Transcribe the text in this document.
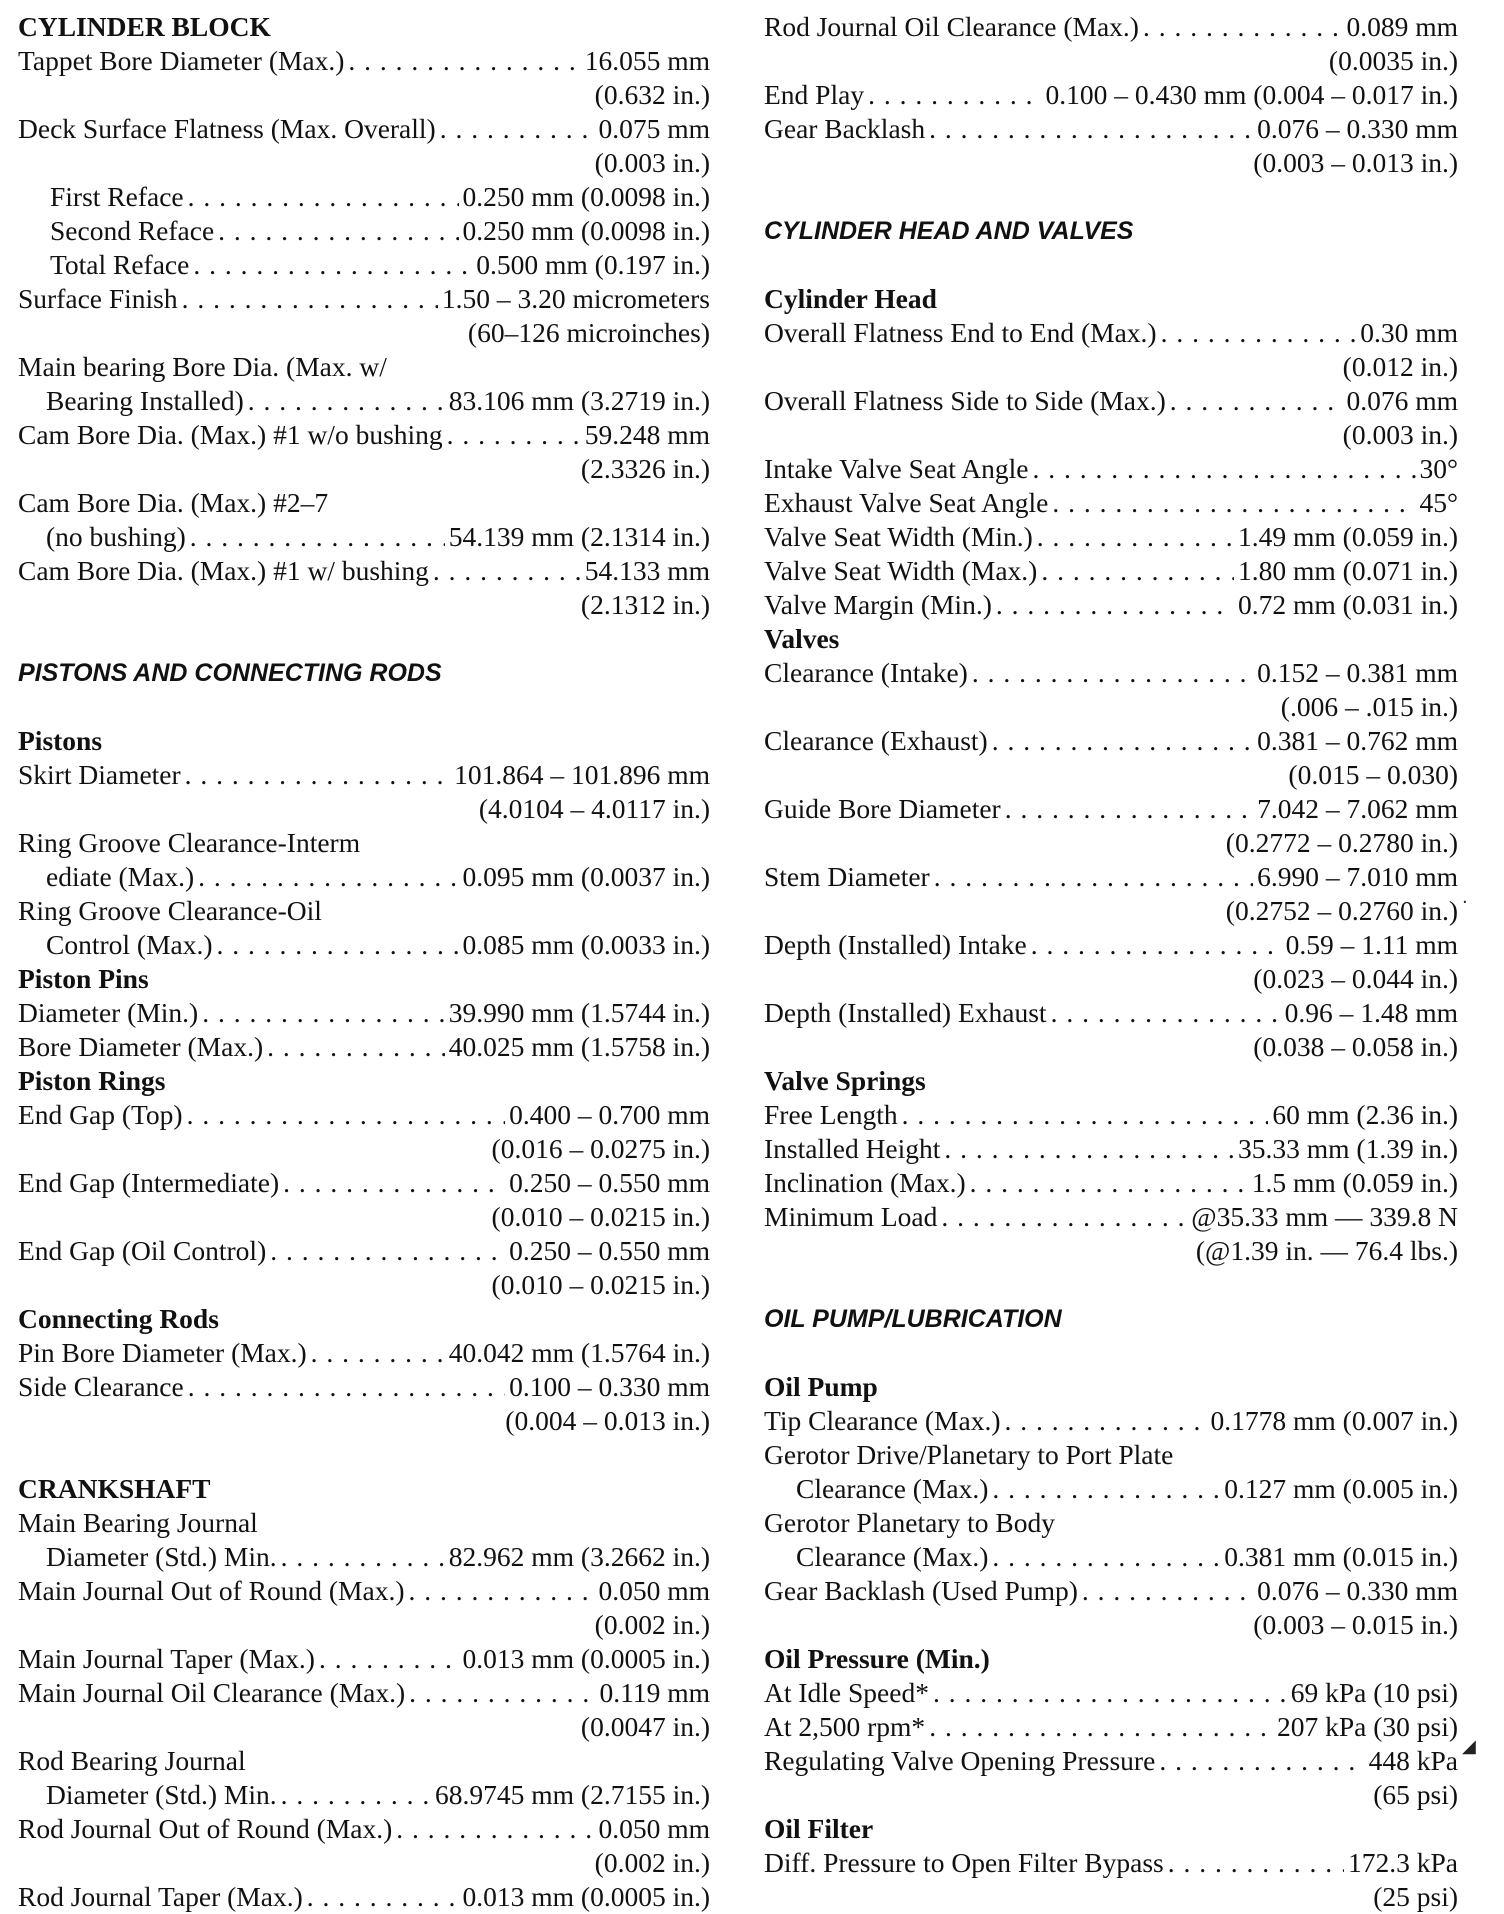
CYLINDER BLOCK
Tappet Bore Diameter (Max.) . . .	16.055 mm
(0.632 in.)
Deck Surface Flatness (Max. Overall) . . .	0.075 mm
(0.003 in.)
First Reface . . .	0.250 mm (0.0098 in.)
Second Reface . . .	0.250 mm (0.0098 in.)
Total Reface . . .	0.500 mm (0.197 in.)
Surface Finish . . .	1.50 – 3.20 micrometers
(60–126 microinches)
Main bearing Bore Dia. (Max. w/
Bearing Installed) . . .	83.106 mm (3.2719 in.)
Cam Bore Dia. (Max.) #1 w/o bushing . . .	59.248 mm
(2.3326 in.)
Cam Bore Dia. (Max.) #2–7
(no bushing) . . .	54.139 mm (2.1314 in.)
Cam Bore Dia. (Max.) #1 w/ bushing . . .	54.133 mm
(2.1312 in.)
PISTONS AND CONNECTING RODS
Pistons
Skirt Diameter . . .	101.864 – 101.896 mm
(4.0104 – 4.0117 in.)
Ring Groove Clearance-Interm
ediate (Max.) . . .	0.095 mm (0.0037 in.)
Ring Groove Clearance-Oil
Control (Max.) . . .	0.085 mm (0.0033 in.)
Piston Pins
Diameter (Min.) . . .	39.990 mm (1.5744 in.)
Bore Diameter (Max.) . . .	40.025 mm (1.5758 in.)
Piston Rings
End Gap (Top) . . .	0.400 – 0.700 mm
(0.016 – 0.0275 in.)
End Gap (Intermediate) . . .	0.250 – 0.550 mm
(0.010 – 0.0215 in.)
End Gap (Oil Control) . . .	0.250 – 0.550 mm
(0.010 – 0.0215 in.)
Connecting Rods
Pin Bore Diameter (Max.) . . .	40.042 mm (1.5764 in.)
Side Clearance . . .	0.100 – 0.330 mm
(0.004 – 0.013 in.)
CRANKSHAFT
Main Bearing Journal
Diameter (Std.) Min. . . .	82.962 mm (3.2662 in.)
Main Journal Out of Round (Max.) . . .	0.050 mm
(0.002 in.)
Main Journal Taper (Max.) . . .	0.013 mm (0.0005 in.)
Main Journal Oil Clearance (Max.) . . .	0.119 mm
(0.0047 in.)
Rod Bearing Journal
Diameter (Std.) Min. . . .	68.9745 mm (2.7155 in.)
Rod Journal Out of Round (Max.) . . .	0.050 mm
(0.002 in.)
Rod Journal Taper (Max.) . . .	0.013 mm (0.0005 in.)
Rod Journal Oil Clearance (Max.) . . .	0.089 mm
(0.0035 in.)
End Play . . .	0.100 – 0.430 mm (0.004 – 0.017 in.)
Gear Backlash . . .	0.076 – 0.330 mm
(0.003 – 0.013 in.)
CYLINDER HEAD AND VALVES
Cylinder Head
Overall Flatness End to End (Max.) . . .	0.30 mm
(0.012 in.)
Overall Flatness Side to Side (Max.) . . .	0.076 mm
(0.003 in.)
Intake Valve Seat Angle . . .	30°
Exhaust Valve Seat Angle . . .	45°
Valve Seat Width (Min.) . . .	1.49 mm (0.059 in.)
Valve Seat Width (Max.) . . .	1.80 mm (0.071 in.)
Valve Margin (Min.) . . .	0.72 mm (0.031 in.)
Valves
Clearance (Intake) . . .	0.152 – 0.381 mm
(.006 – .015 in.)
Clearance (Exhaust) . . .	0.381 – 0.762 mm
(0.015 – 0.030)
Guide Bore Diameter . . .	7.042 – 7.062 mm
(0.2772 – 0.2780 in.)
Stem Diameter . . .	6.990 – 7.010 mm
(0.2752 – 0.2760 in.)
Depth (Installed) Intake . . .	0.59 – 1.11 mm
(0.023 – 0.044 in.)
Depth (Installed) Exhaust . . .	0.96 – 1.48 mm
(0.038 – 0.058 in.)
Valve Springs
Free Length . . .	60 mm (2.36 in.)
Installed Height . . .	35.33 mm (1.39 in.)
Inclination (Max.) . . .	1.5 mm (0.059 in.)
Minimum Load . . .	@35.33 mm — 339.8 N
(@1.39 in. — 76.4 lbs.)
OIL PUMP/LUBRICATION
Oil Pump
Tip Clearance (Max.) . . .	0.1778 mm (0.007 in.)
Gerotor Drive/Planetary to Port Plate
Clearance (Max.) . . .	0.127 mm (0.005 in.)
Gerotor Planetary to Body
Clearance (Max.) . . .	0.381 mm (0.015 in.)
Gear Backlash (Used Pump) . . .	0.076 – 0.330 mm
(0.003 – 0.015 in.)
Oil Pressure (Min.)
At Idle Speed* . . .	69 kPa (10 psi)
At 2,500 rpm* . . .	207 kPa (30 psi)
Regulating Valve Opening Pressure . . .	448 kPa
(65 psi)
Oil Filter
Diff. Pressure to Open Filter Bypass . . .	172.3 kPa
(25 psi)
·
◢
